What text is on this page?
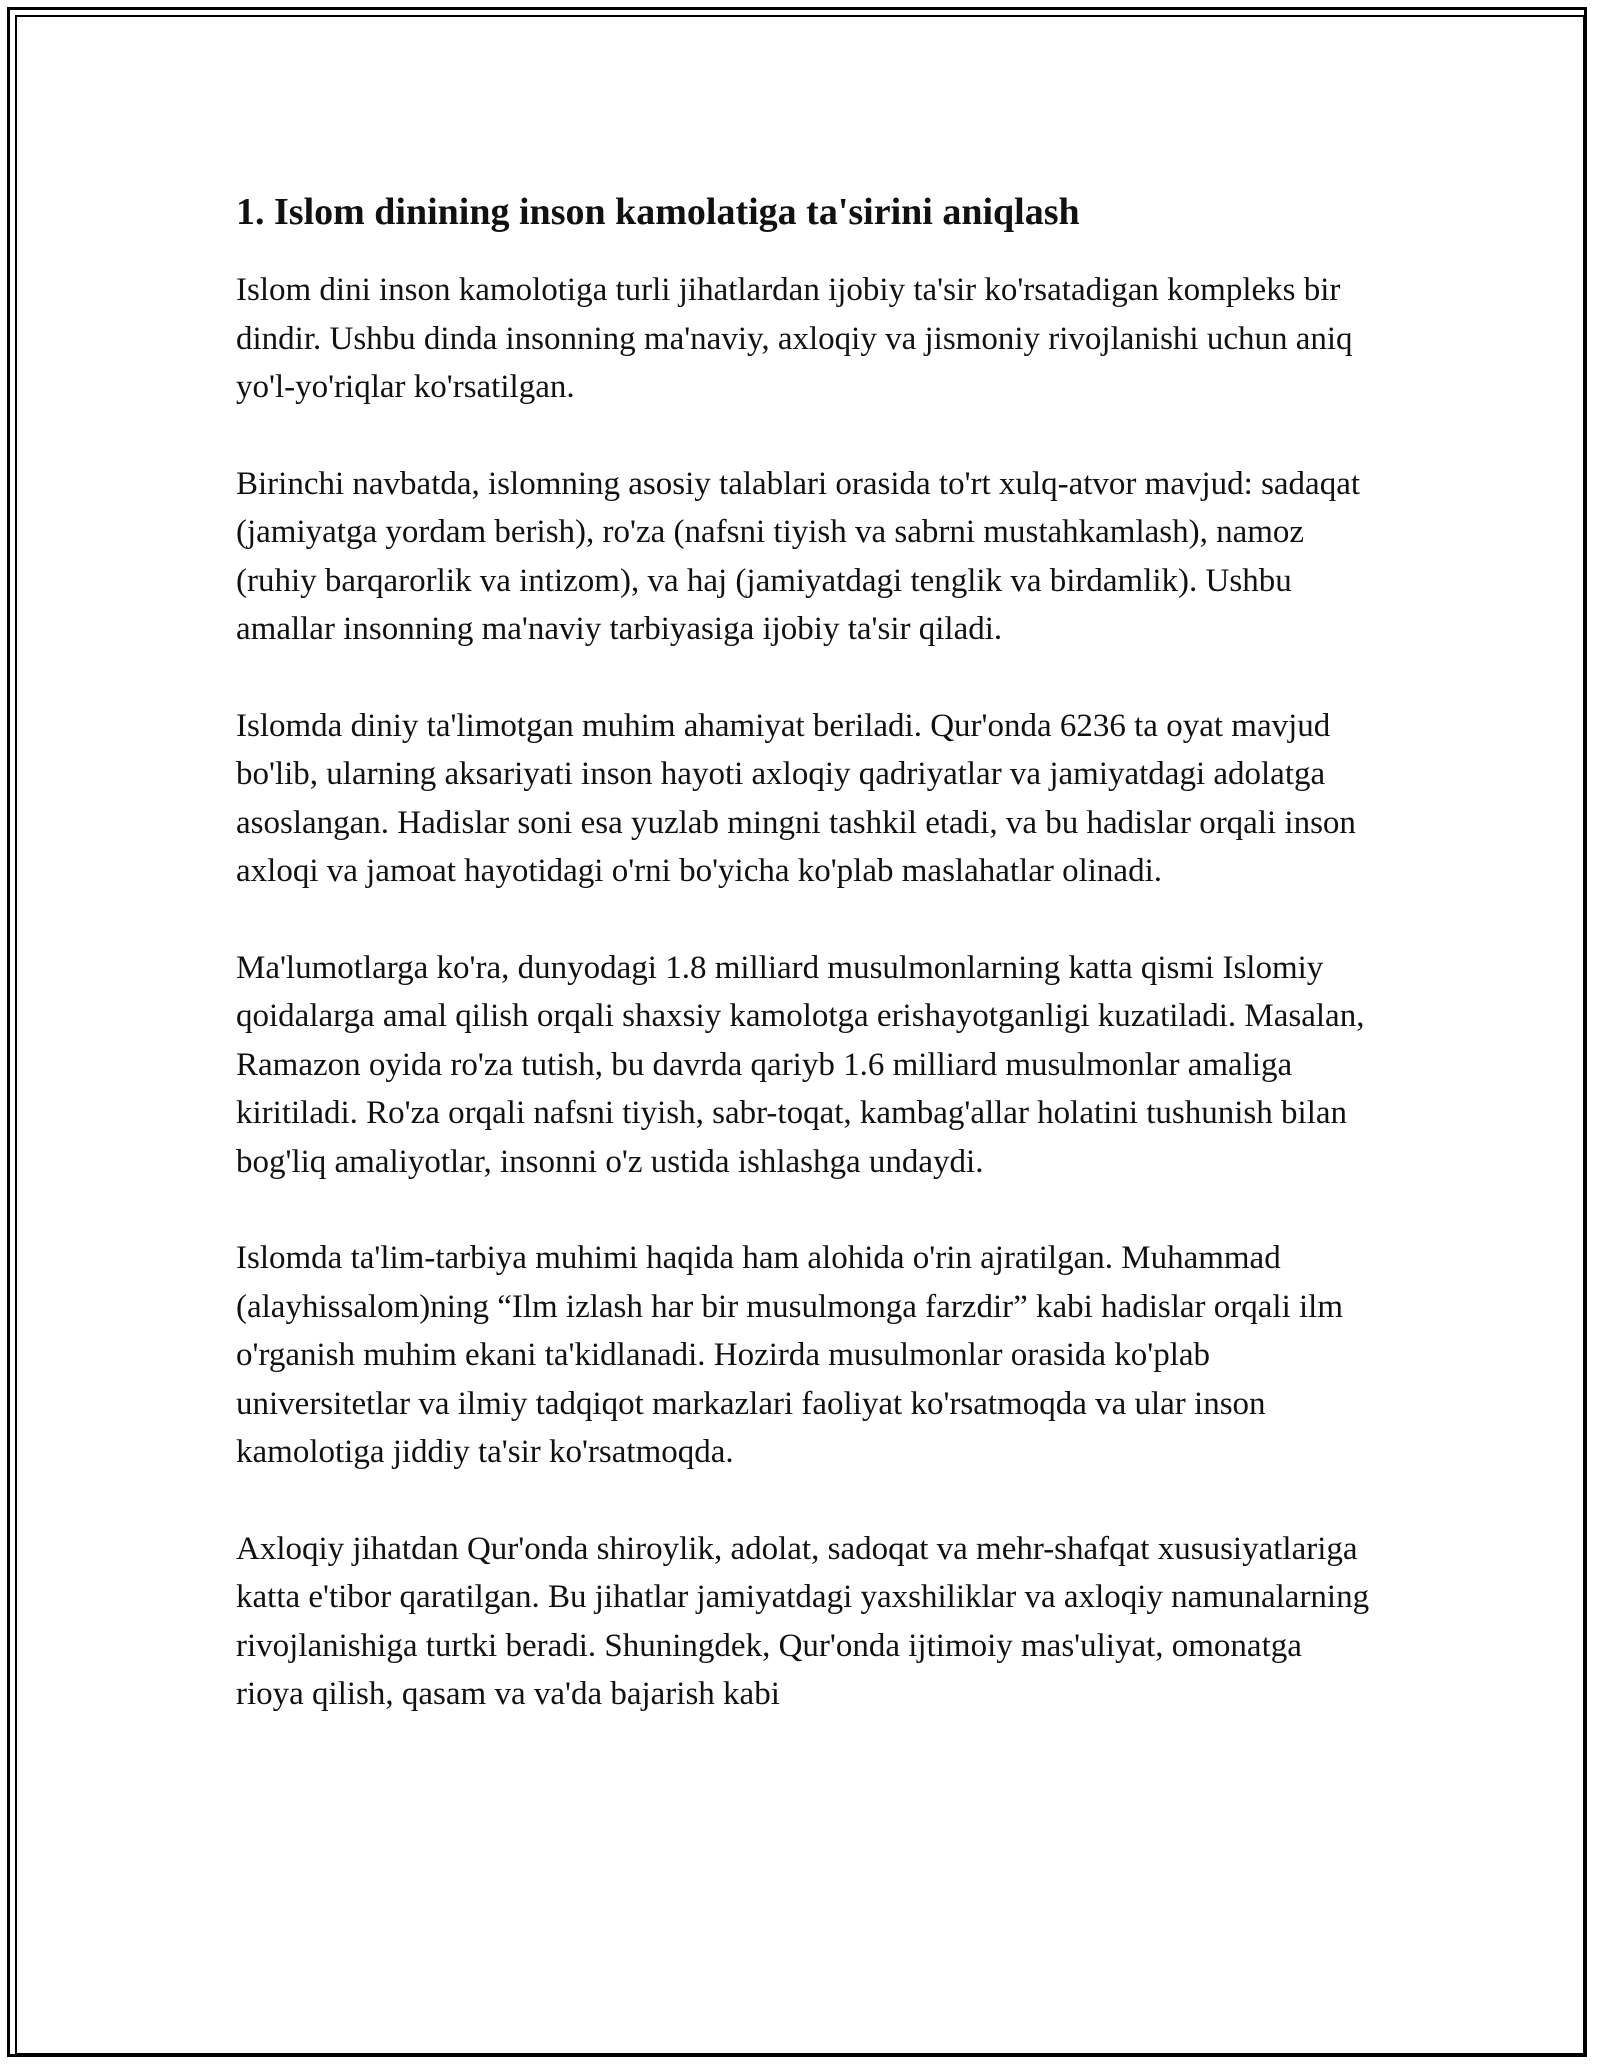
1. Islom dinining inson kamolatiga ta'sirini aniqlash

Islom dini inson kamolotiga turli jihatlardan ijobiy ta'sir ko'rsatadigan kompleks bir dindir. Ushbu dinda insonning ma'naviy, axloqiy va jismoniy rivojlanishi uchun aniq yo'l-yo'riqlar ko'rsatilgan.

Birinchi navbatda, islomning asosiy talablari orasida to'rt xulq-atvor mavjud: sadaqat (jamiyatga yordam berish), ro'za (nafsni tiyish va sabrni mustahkamlash), namoz (ruhiy barqarorlik va intizom), va haj (jamiyatdagi tenglik va birdamlik). Ushbu amallar insonning ma'naviy tarbiyasiga ijobiy ta'sir qiladi.

Islomda diniy ta'limotgan muhim ahamiyat beriladi. Qur'onda 6236 ta oyat mavjud bo'lib, ularning aksariyati inson hayoti axloqiy qadriyatlar va jamiyatdagi adolatga asoslangan. Hadislar soni esa yuzlab mingni tashkil etadi, va bu hadislar orqali inson axloqi va jamoat hayotidagi o'rni bo'yicha ko'plab maslahatlar olinadi.

Ma'lumotlarga ko'ra, dunyodagi 1.8 milliard musulmonlarning katta qismi Islomiy qoidalarga amal qilish orqali shaxsiy kamolotga erishayotganligi kuzatiladi. Masalan, Ramazon oyida ro'za tutish, bu davrda qariyb 1.6 milliard musulmonlar amaliga kiritiladi. Ro'za orqali nafsni tiyish, sabr-toqat, kambag'allar holatini tushunish bilan bog'liq amaliyotlar, insonni o'z ustida ishlashga undaydi.

Islomda ta'lim-tarbiya muhimi haqida ham alohida o'rin ajratilgan. Muhammad (alayhissalom)ning “Ilm izlash har bir musulmonga farzdir” kabi hadislar orqali ilm o'rganish muhim ekani ta'kidlanadi. Hozirda musulmonlar orasida ko'plab universitetlar va ilmiy tadqiqot markazlari faoliyat ko'rsatmoqda va ular inson kamolotiga jiddiy ta'sir ko'rsatmoqda.

Axloqiy jihatdan Qur'onda shiroylik, adolat, sadoqat va mehr-shafqat xususiyatlariga katta e'tibor qaratilgan. Bu jihatlar jamiyatdagi yaxshiliklar va axloqiy namunalarning rivojlanishiga turtki beradi. Shuningdek, Qur'onda ijtimoiy mas'uliyat, omonatga rioya qilish, qasam va va'da bajarish kabi
